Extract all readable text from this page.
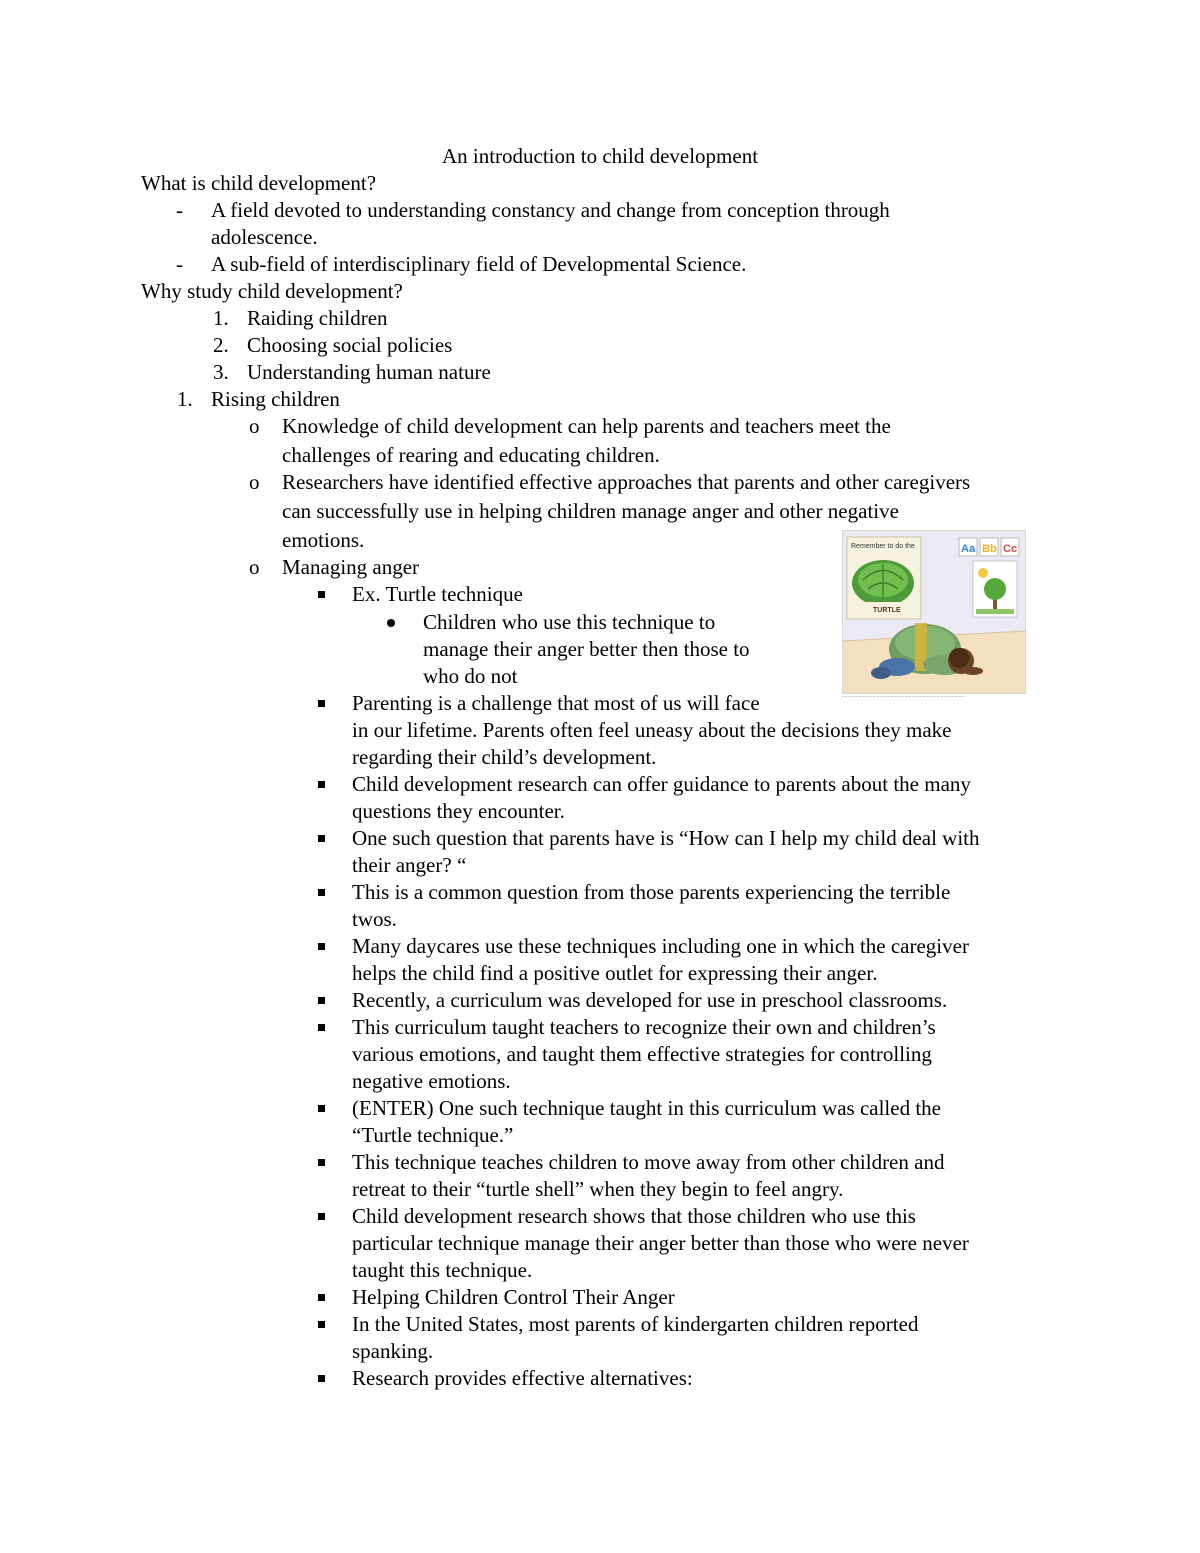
An introduction to child development
Remember to do the
TURTLE
Aa Bb Cc
........................................................................................
What is child development?
- A field devoted to understanding constancy and change from conception through
adolescence.
- A sub-field of interdisciplinary field of Developmental Science.
Why study child development?
1. Raiding children
2. Choosing social policies
3. Understanding human nature
1. Rising children
o Knowledge of child development can help parents and teachers meet the
challenges of rearing and educating children.
o Researchers have identified effective approaches that parents and other caregivers
can successfully use in helping children manage anger and other negative
emotions.
o Managing anger
Ex. Turtle technique
Children who use this technique to
manage their anger better then those to
who do not
Parenting is a challenge that most of us will face
in our lifetime. Parents often feel uneasy about the decisions they make
regarding their child’s development.
Child development research can offer guidance to parents about the many
questions they encounter.
One such question that parents have is “How can I help my child deal with
their anger? “
This is a common question from those parents experiencing the terrible
twos.
Many daycares use these techniques including one in which the caregiver
helps the child find a positive outlet for expressing their anger.
Recently, a curriculum was developed for use in preschool classrooms.
This curriculum taught teachers to recognize their own and children’s
various emotions, and taught them effective strategies for controlling
negative emotions.
(ENTER) One such technique taught in this curriculum was called the
“Turtle technique.”
This technique teaches children to move away from other children and
retreat to their “turtle shell” when they begin to feel angry.
Child development research shows that those children who use this
particular technique manage their anger better than those who were never
taught this technique.
Helping Children Control Their Anger
In the United States, most parents of kindergarten children reported
spanking.
Research provides effective alternatives:
